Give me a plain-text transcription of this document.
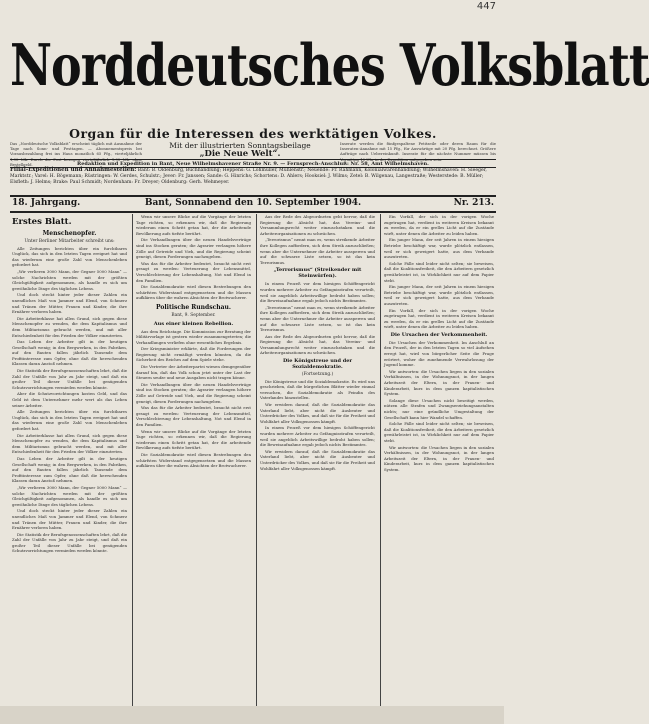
447
Norddeutsches Volksblatt
Organ für die Interessen des werktätigen Volkes.
Das „Norddeutsche Volksblatt“ erscheint täglich mit Ausnahme der Tage nach Sonn- und Festtagen. — Abonnementspreis bei Vorausbezahlung frei ins Haus monatlich 65 Pfg., vierteljährlich Bestellgeld.
Mit der illustrierten Sonntagsbeilage
„Die Neue Welt“.
Inserate werden die fünfgespaltene Petitzeile oder deren Raum für die Inseraten-Annahme mit 15 Pfg., für Auswärtige mit 20 Pfg. berechnet. Größere Aufträge nach Uebereinkunft. Inserate für die nächste Nummer müssen bis
Redaktion und Expedition in Bant, Neue Wilhelmshavener Straße Nr. 9. — Fernsprech-Anschluß: Nr. 58, Amt Wilhelmshaven.
Filial-Expeditionen und Annahmestellen: Bant: B. Oldenburg, Buchhandlung; Heppens: G. Lohmüller, Mühlenstr.; Neuende: Fr. Rahmann, Kolonialwarenhandlung; Wilhelmshaven: H. Sleeger, Marktstr.; Varel: H. Bögemann; Rüstringen: W. Gerdes, Schulstr.; Jever: Fr. Janssen; Sande: G. Hinrichs; Schortens: D. Ahlers; Hooksiel: J. Wilms; Zetel: B. Wilgenau, Langestraße; Westerstede: B. Müller; Elsfleth: J. Helms; Brake: Paul Schmidt; Nordenham: Fr. Dreyer; Oldenburg: Gerh. Wehmeyer.
18. Jahrgang.	Bant, Sonnabend den 10. September 1904.	Nr. 213.
Erstes Blatt.
Menschenopfer.
Unter Berliner Mitarbeiter schreibt uns:

Alle Zeitungen berichten über ein furchtbares Unglück, das sich in den letzten Tagen ereignet hat und das wiederum eine große Zahl von Menschenleben gefordert hat.

„Wir verlieren 3000 Mann, der Gegner 5000 Mann“ — solche Nachrichten werden mit der größten Gleichgültigkeit aufgenommen, als handle es sich um gewöhnliche Dinge des täglichen Lebens.

Und doch steckt hinter jeder dieser Zahlen ein unendliches Maß von Jammer und Elend, von Schmerz und Tränen der Mütter, Frauen und Kinder, die ihre Ernährer verloren haben.

Die Arbeiterklasse hat allen Grund, sich gegen diese Menschenopfer zu wenden, die dem Kapitalismus und dem Militarismus gebracht werden, und mit aller Entschiedenheit für den Frieden der Völker einzutreten.

Das Leben der Arbeiter gilt in der heutigen Gesellschaft wenig; in den Bergwerken, in den Fabriken, auf den Bauten fallen jährlich Tausende dem Profitinteresse zum Opfer, ohne daß die herrschenden Klassen daran Anstoß nehmen.

Die Statistik der Berufsgenossenschaften lehrt, daß die Zahl der Unfälle von Jahr zu Jahr steigt, und daß ein großer Teil dieser Unfälle bei genügenden Schutzvorrichtungen vermieden werden könnte.

Aber die Schutzvorrichtungen kosten Geld, und das Geld ist dem Unternehmer mehr wert als das Leben seiner Arbeiter.

Alle Zeitungen berichten über ein furchtbares Unglück, das sich in den letzten Tagen ereignet hat und das wiederum eine große Zahl von Menschenleben gefordert hat.

Die Arbeiterklasse hat allen Grund, sich gegen diese Menschenopfer zu wenden, die dem Kapitalismus und dem Militarismus gebracht werden, und mit aller Entschiedenheit für den Frieden der Völker einzutreten.

Das Leben der Arbeiter gilt in der heutigen Gesellschaft wenig; in den Bergwerken, in den Fabriken, auf den Bauten fallen jährlich Tausende dem Profitinteresse zum Opfer, ohne daß die herrschenden Klassen daran Anstoß nehmen.

„Wir verlieren 3000 Mann, der Gegner 5000 Mann“ — solche Nachrichten werden mit der größten Gleichgültigkeit aufgenommen, als handle es sich um gewöhnliche Dinge des täglichen Lebens.

Und doch steckt hinter jeder dieser Zahlen ein unendliches Maß von Jammer und Elend, von Schmerz und Tränen der Mütter, Frauen und Kinder, die ihre Ernährer verloren haben.

Die Statistik der Berufsgenossenschaften lehrt, daß die Zahl der Unfälle von Jahr zu Jahr steigt, und daß ein großer Teil dieser Unfälle bei genügenden Schutzvorrichtungen vermieden werden könnte.

Wenn wir unsere Blicke auf die Vorgänge der letzten Tage richten, so erkennen wir, daß die Regierung wiederum einen Schritt getan hat, der die arbeitende Bevölkerung aufs tiefste berührt.

Die Verhandlungen über die neuen Handelsverträge sind ins Stocken geraten; die Agrarier verlangen höhere Zölle auf Getreide und Vieh, und die Regierung scheint geneigt, diesen Forderungen nachzugeben.

Was das für die Arbeiter bedeutet, braucht nicht erst gesagt zu werden: Verteuerung der Lebensmittel, Verschlechterung der Lebenshaltung, Not und Elend in den Familien.

Die Sozialdemokratie wird diesen Bestrebungen den schärfsten Widerstand entgegensetzen und die Massen aufklären über die wahren Absichten der Brotwucherer.

Politische Rundschau.
Bant, 9. September.
Aus einer kleinen Rebellion.

Aus dem Reichstage. Die Kommission zur Beratung der Militärvorlage ist gestern wieder zusammengetreten; die Verhandlungen verliefen ohne wesentliches Ergebnis.

Der Kriegsminister erklärte, daß die Forderungen der Regierung nicht ermäßigt werden könnten, da die Sicherheit des Reiches auf dem Spiele stehe.

Die Vertreter der Arbeiterpartei wiesen demgegenüber darauf hin, daß das Volk schon jetzt unter der Last der Steuern seufze und neue Ausgaben nicht tragen könne.

Die Verhandlungen über die neuen Handelsverträge sind ins Stocken geraten; die Agrarier verlangen höhere Zölle auf Getreide und Vieh, und die Regierung scheint geneigt, diesen Forderungen nachzugeben.

Was das für die Arbeiter bedeutet, braucht nicht erst gesagt zu werden: Verteuerung der Lebensmittel, Verschlechterung der Lebenshaltung, Not und Elend in den Familien.

Wenn wir unsere Blicke auf die Vorgänge der letzten Tage richten, so erkennen wir, daß die Regierung wiederum einen Schritt getan hat, der die arbeitende Bevölkerung aufs tiefste berührt.

Die Sozialdemokratie wird diesen Bestrebungen den schärfsten Widerstand entgegensetzen und die Massen aufklären über die wahren Absichten der Brotwucherer.

Aus der Rede des Abgeordneten geht hervor, daß die Regierung die Absicht hat, das Vereins- und Versammlungsrecht weiter einzuschränken und die Arbeiterorganisationen zu schwächen.

„Terrorismus“ nennt man es, wenn streikende Arbeiter ihre Kollegen auffordern, sich dem Streik anzuschließen; wenn aber die Unternehmer die Arbeiter aussperren und auf die schwarze Liste setzen, so ist das kein Terrorismus.

„Terrorismus“ (Streikender mit Steinwürfen).

In einem Prozeß vor dem hiesigen Schöffengericht wurden mehrere Arbeiter zu Gefängnisstrafen verurteilt, weil sie angeblich Arbeitswillige bedroht haben sollen; die Beweisaufnahme ergab jedoch nichts Bestimmtes.

„Terrorismus“ nennt man es, wenn streikende Arbeiter ihre Kollegen auffordern, sich dem Streik anzuschließen; wenn aber die Unternehmer die Arbeiter aussperren und auf die schwarze Liste setzen, so ist das kein Terrorismus.

Aus der Rede des Abgeordneten geht hervor, daß die Regierung die Absicht hat, das Vereins- und Versammlungsrecht weiter einzuschränken und die Arbeiterorganisationen zu schwächen.

Die Königstreue und der Sozialdemokratie.
(Fortsetzung.)

Die Königstreue und die Sozialdemokratie. Es wird uns geschrieben, daß die bürgerlichen Blätter wieder einmal versuchen, die Sozialdemokratie als Feindin des Vaterlandes hinzustellen.

Wir erwidern darauf, daß die Sozialdemokratie das Vaterland liebt, aber nicht die Ausbeuter und Unterdrücker des Volkes, und daß sie für die Freiheit und Wohlfahrt aller Volksgenossen kämpft.

In einem Prozeß vor dem hiesigen Schöffengericht wurden mehrere Arbeiter zu Gefängnisstrafen verurteilt, weil sie angeblich Arbeitswillige bedroht haben sollen; die Beweisaufnahme ergab jedoch nichts Bestimmtes.

Wir erwidern darauf, daß die Sozialdemokratie das Vaterland liebt, aber nicht die Ausbeuter und Unterdrücker des Volkes, und daß sie für die Freiheit und Wohlfahrt aller Volksgenossen kämpft.

Ein Vorfall, der sich in der vorigen Woche zugetragen hat, verdient in weiteren Kreisen bekannt zu werden, da er ein grelles Licht auf die Zustände wirft, unter denen die Arbeiter zu leiden haben.

Ein junger Mann, der seit Jahren in einem hiesigen Betriebe beschäftigt war, wurde plötzlich entlassen, weil er sich geweigert hatte, aus dem Verbande auszutreten.

Solche Fälle sind leider nicht selten; sie beweisen, daß die Koalitionsfreiheit, die den Arbeitern gesetzlich gewährleistet ist, in Wirklichkeit nur auf dem Papier steht.

Ein junger Mann, der seit Jahren in einem hiesigen Betriebe beschäftigt war, wurde plötzlich entlassen, weil er sich geweigert hatte, aus dem Verbande auszutreten.

Ein Vorfall, der sich in der vorigen Woche zugetragen hat, verdient in weiteren Kreisen bekannt zu werden, da er ein grelles Licht auf die Zustände wirft, unter denen die Arbeiter zu leiden haben.

Die Ursachen der Verkommenheit.

Die Ursachen der Verkommenheit. Im Anschluß an den Prozeß, der in den letzten Tagen so viel Aufsehen erregt hat, wird von bürgerlicher Seite die Frage erörtert, woher die zunehmende Verwahrlosung der Jugend komme.

Wir antworten: die Ursachen liegen in den sozialen Verhältnissen, in der Wohnungsnot, in der langen Arbeitszeit der Eltern, in der Frauen- und Kinderarbeit, kurz in dem ganzen kapitalistischen System.

Solange diese Ursachen nicht beseitigt werden, nützen alle Strafen und Zwangserziehungsanstalten nichts; nur eine gründliche Umgestaltung der Gesellschaft kann hier Wandel schaffen.

Solche Fälle sind leider nicht selten; sie beweisen, daß die Koalitionsfreiheit, die den Arbeitern gesetzlich gewährleistet ist, in Wirklichkeit nur auf dem Papier steht.

Wir antworten: die Ursachen liegen in den sozialen Verhältnissen, in der Wohnungsnot, in der langen Arbeitszeit der Eltern, in der Frauen- und Kinderarbeit, kurz in dem ganzen kapitalistischen System.
